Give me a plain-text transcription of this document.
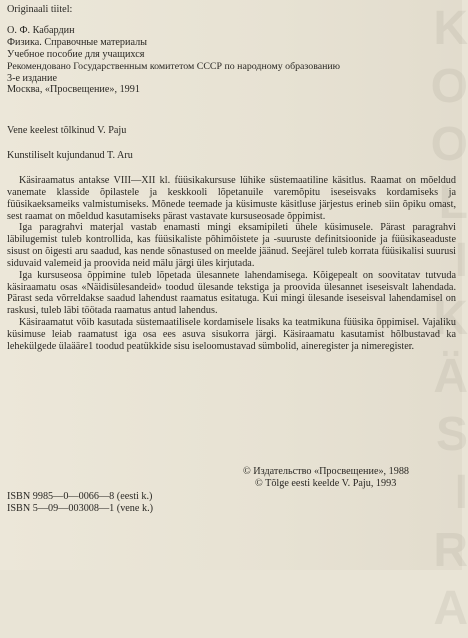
K
O
O
L
I
K
Ä
S
I
R
A
Originaali tiitel:
О. Ф. Кабардин
Физика. Справочные материалы
Учебное пособие для учащихся
Рекомендовано Государственным комитетом СССР по народному образованию
3-е издание
Москва, «Просвещение», 1991
Vene keelest tõlkinud V. Paju
Kunstiliselt kujundanud T. Aru

Käsiraamatus antakse VIII—XII kl. füüsikakursuse lühike süstemaatiline käsitlus. Raamat on mõeldud vanemate klasside õpilastele ja keskkooli lõpetanuile varemõpitu iseseisvaks kordamiseks ja füüsikaeksameiks valmistumiseks. Mõnede teemade ja küsimuste käsitluse järjestus erineb siin õpiku omast, sest raamat on mõeldud kasutamiseks pärast vastavate kursuseosade õppimist.

Iga paragrahvi materjal vastab enamasti mingi eksamipileti ühele küsimusele. Pärast paragrahvi läbilugemist tuleb kontrollida, kas füüsikaliste põhimõistete ja -suuruste definitsioonide ja füüsikaseaduste sisust on õigesti aru saadud, kas nende sõnastused on meelde jäänud. Seejärel tuleb korrata füüsikalisi suurusi siduvaid valemeid ja proovida neid mälu järgi üles kirjutada.

Iga kursuseosa õppimine tuleb lõpetada ülesannete lahendamisega. Kõigepealt on soovitatav tutvuda käsiraamatu osas «Näidisülesandeid» toodud ülesande tekstiga ja proovida ülesannet iseseisvalt lahendada. Pärast seda võrreldakse saadud lahendust raamatus esitatuga. Kui mingi ülesande iseseisval lahendamisel on raskusi, tuleb läbi töötada raamatus antud lahendus.

Käsiraamatut võib kasutada süstemaatilisele kordamisele lisaks ka teatmikuna füüsika õppimisel. Vajaliku küsimuse leiab raamatust iga osa ees asuva sisukorra järgi. Käsiraamatu kasutamist hõlbustavad ka lehekülgede ülaääre1 toodud peatükkide sisu iseloomustavad sümbolid, aineregister ja nimeregister.

© Издательство «Просвещение», 1988
© Tõlge eesti keelde V. Paju, 1993
ISBN 9985—0—0066—8 (eesti k.)
ISBN 5—09—003008—1 (vene k.)
